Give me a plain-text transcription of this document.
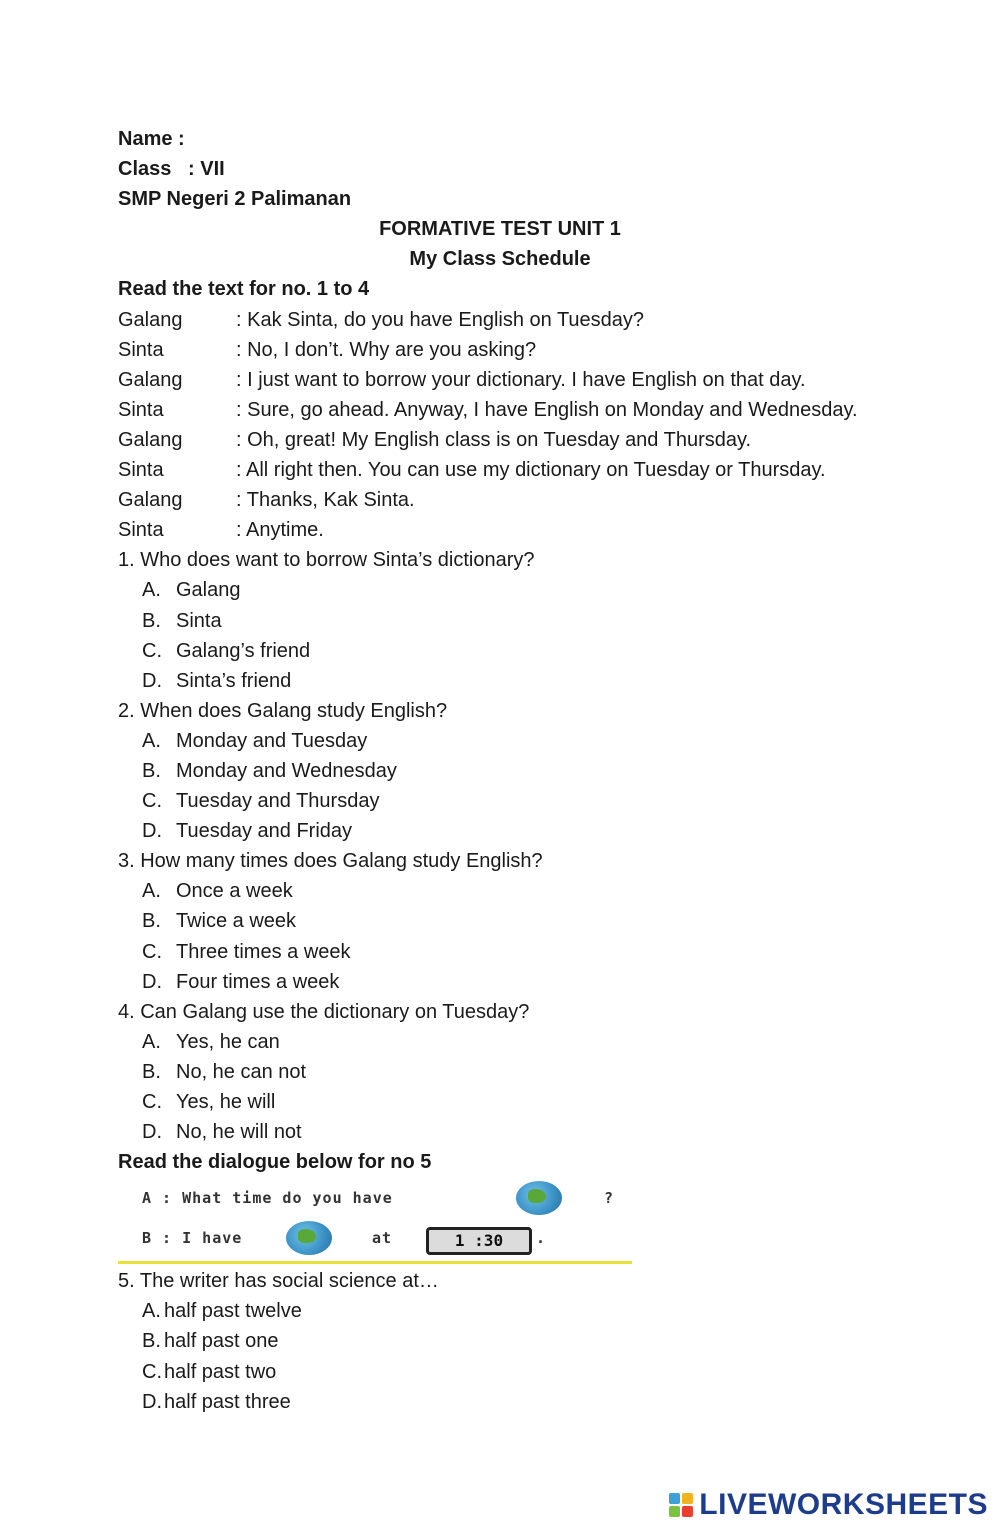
Name :
Class   : VII
SMP Negeri 2 Palimanan
FORMATIVE TEST UNIT 1
My Class Schedule
Read the text for no. 1 to 4
Galang	: Kak Sinta, do you have English on Tuesday?
Sinta	: No, I don’t. Why are you asking?
Galang	: I just want to borrow your dictionary. I have English on that day.
Sinta	: Sure, go ahead. Anyway, I have English on Monday and Wednesday.
Galang	: Oh, great! My English class is on Tuesday and Thursday.
Sinta	: All right then. You can use my dictionary on Tuesday or Thursday.
Galang	: Thanks, Kak Sinta.
Sinta	: Anytime.
1. Who does want to borrow Sinta’s dictionary?
A. Galang
B. Sinta
C. Galang’s friend
D. Sinta’s friend
2. When does Galang study English?
A. Monday and Tuesday
B. Monday and Wednesday
C. Tuesday and Thursday
D. Tuesday and Friday
3. How many times does Galang study English?
A. Once a week
B. Twice a week
C. Three times a week
D. Four times a week
4. Can Galang use the dictionary on Tuesday?
A. Yes, he can
B. No, he can not
C. Yes, he will
D. No, he will not
Read the dialogue below for no 5
A : What time do you have	?
B : I have	at	1 :30	.
5. The writer has social science at…
A. half past twelve
B. half past one
C. half past two
D. half past three
LIVEWORKSHEETS
